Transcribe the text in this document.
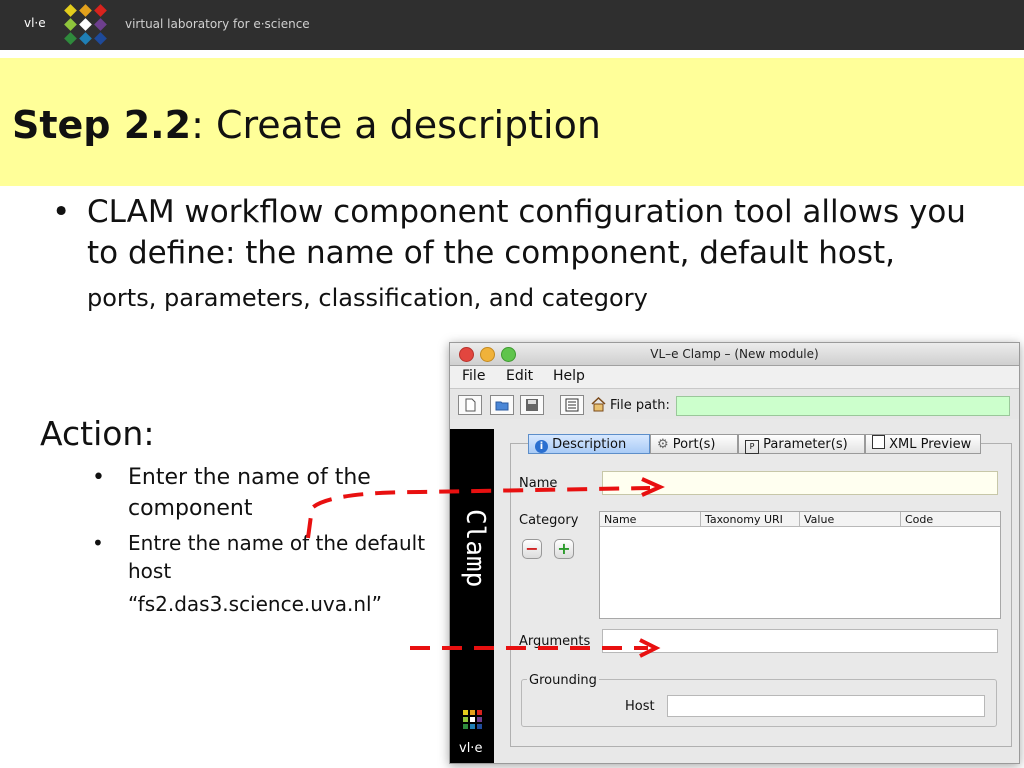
vl·e	virtual laboratory for e·science
Step 2.2: Create a description
• CLAM workflow component configuration tool allows you to define: the name of the component, default host, ports, parameters, classification, and category
Action:
• Enter the name of the component
• Entre the name of the default host
“fs2.das3.science.uva.nl”
VL–e Clamp – (New module)
File Edit Help
File path:
Clamp
vl·e
i Description	⚙ Port(s)	P Parameter(s)	XML Preview
Name
Category
− +
Name	Taxonomy URI	Value	Code
Arguments
Grounding
Host
